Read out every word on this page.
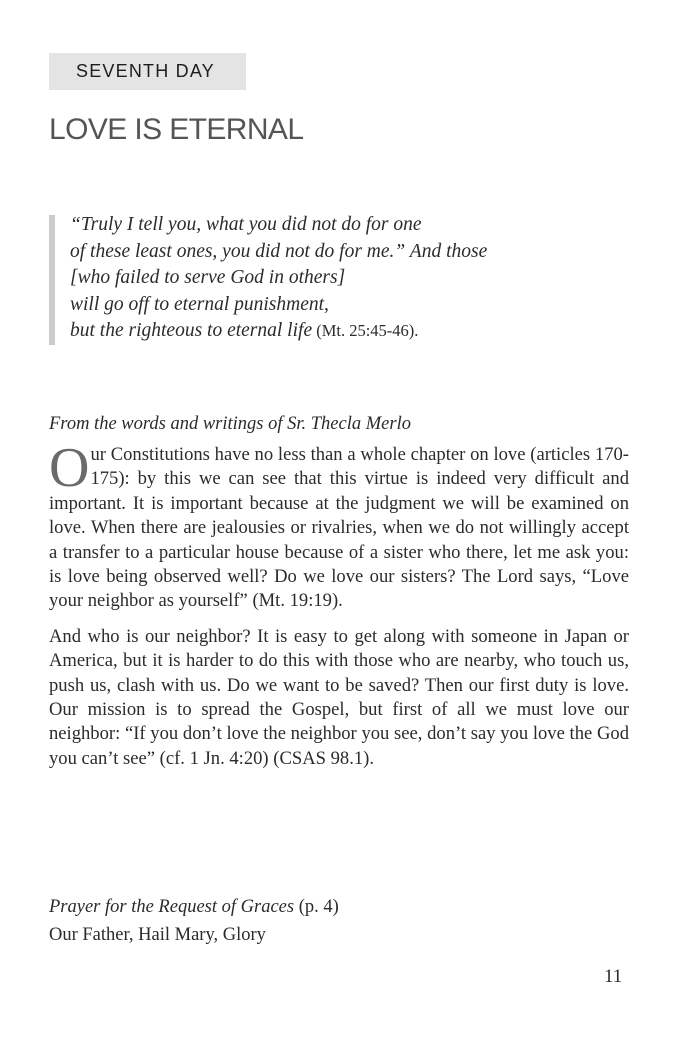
SEVENTH DAY
LOVE IS ETERNAL
“Truly I tell you, what you did not do for one
of these least ones, you did not do for me.” And those
[who failed to serve God in others]
will go off to eternal punishment,
but the righteous to eternal life (Mt. 25:45-46).

From the words and writings of Sr. Thecla Merlo

Our Constitutions have no less than a whole chapter on love (articles 170-175): by this we can see that this virtue is indeed very difficult and important. It is important because at the judgment we will be examined on love. When there are jealousies or rivalries, when we do not willingly accept a transfer to a particular house because of a sister who there, let me ask you: is love being observed well? Do we love our sisters? The Lord says, “Love your neighbor as yourself” (Mt. 19:19).

And who is our neighbor? It is easy to get along with someone in Japan or America, but it is harder to do this with those who are nearby, who touch us, push us, clash with us. Do we want to be saved? Then our first duty is love. Our mission is to spread the Gospel, but first of all we must love our neighbor: “If you don’t love the neighbor you see, don’t say you love the God you can’t see” (cf. 1 Jn. 4:20) (CSAS 98.1).

Prayer for the Request of Graces (p. 4)
Our Father, Hail Mary, Glory
11
